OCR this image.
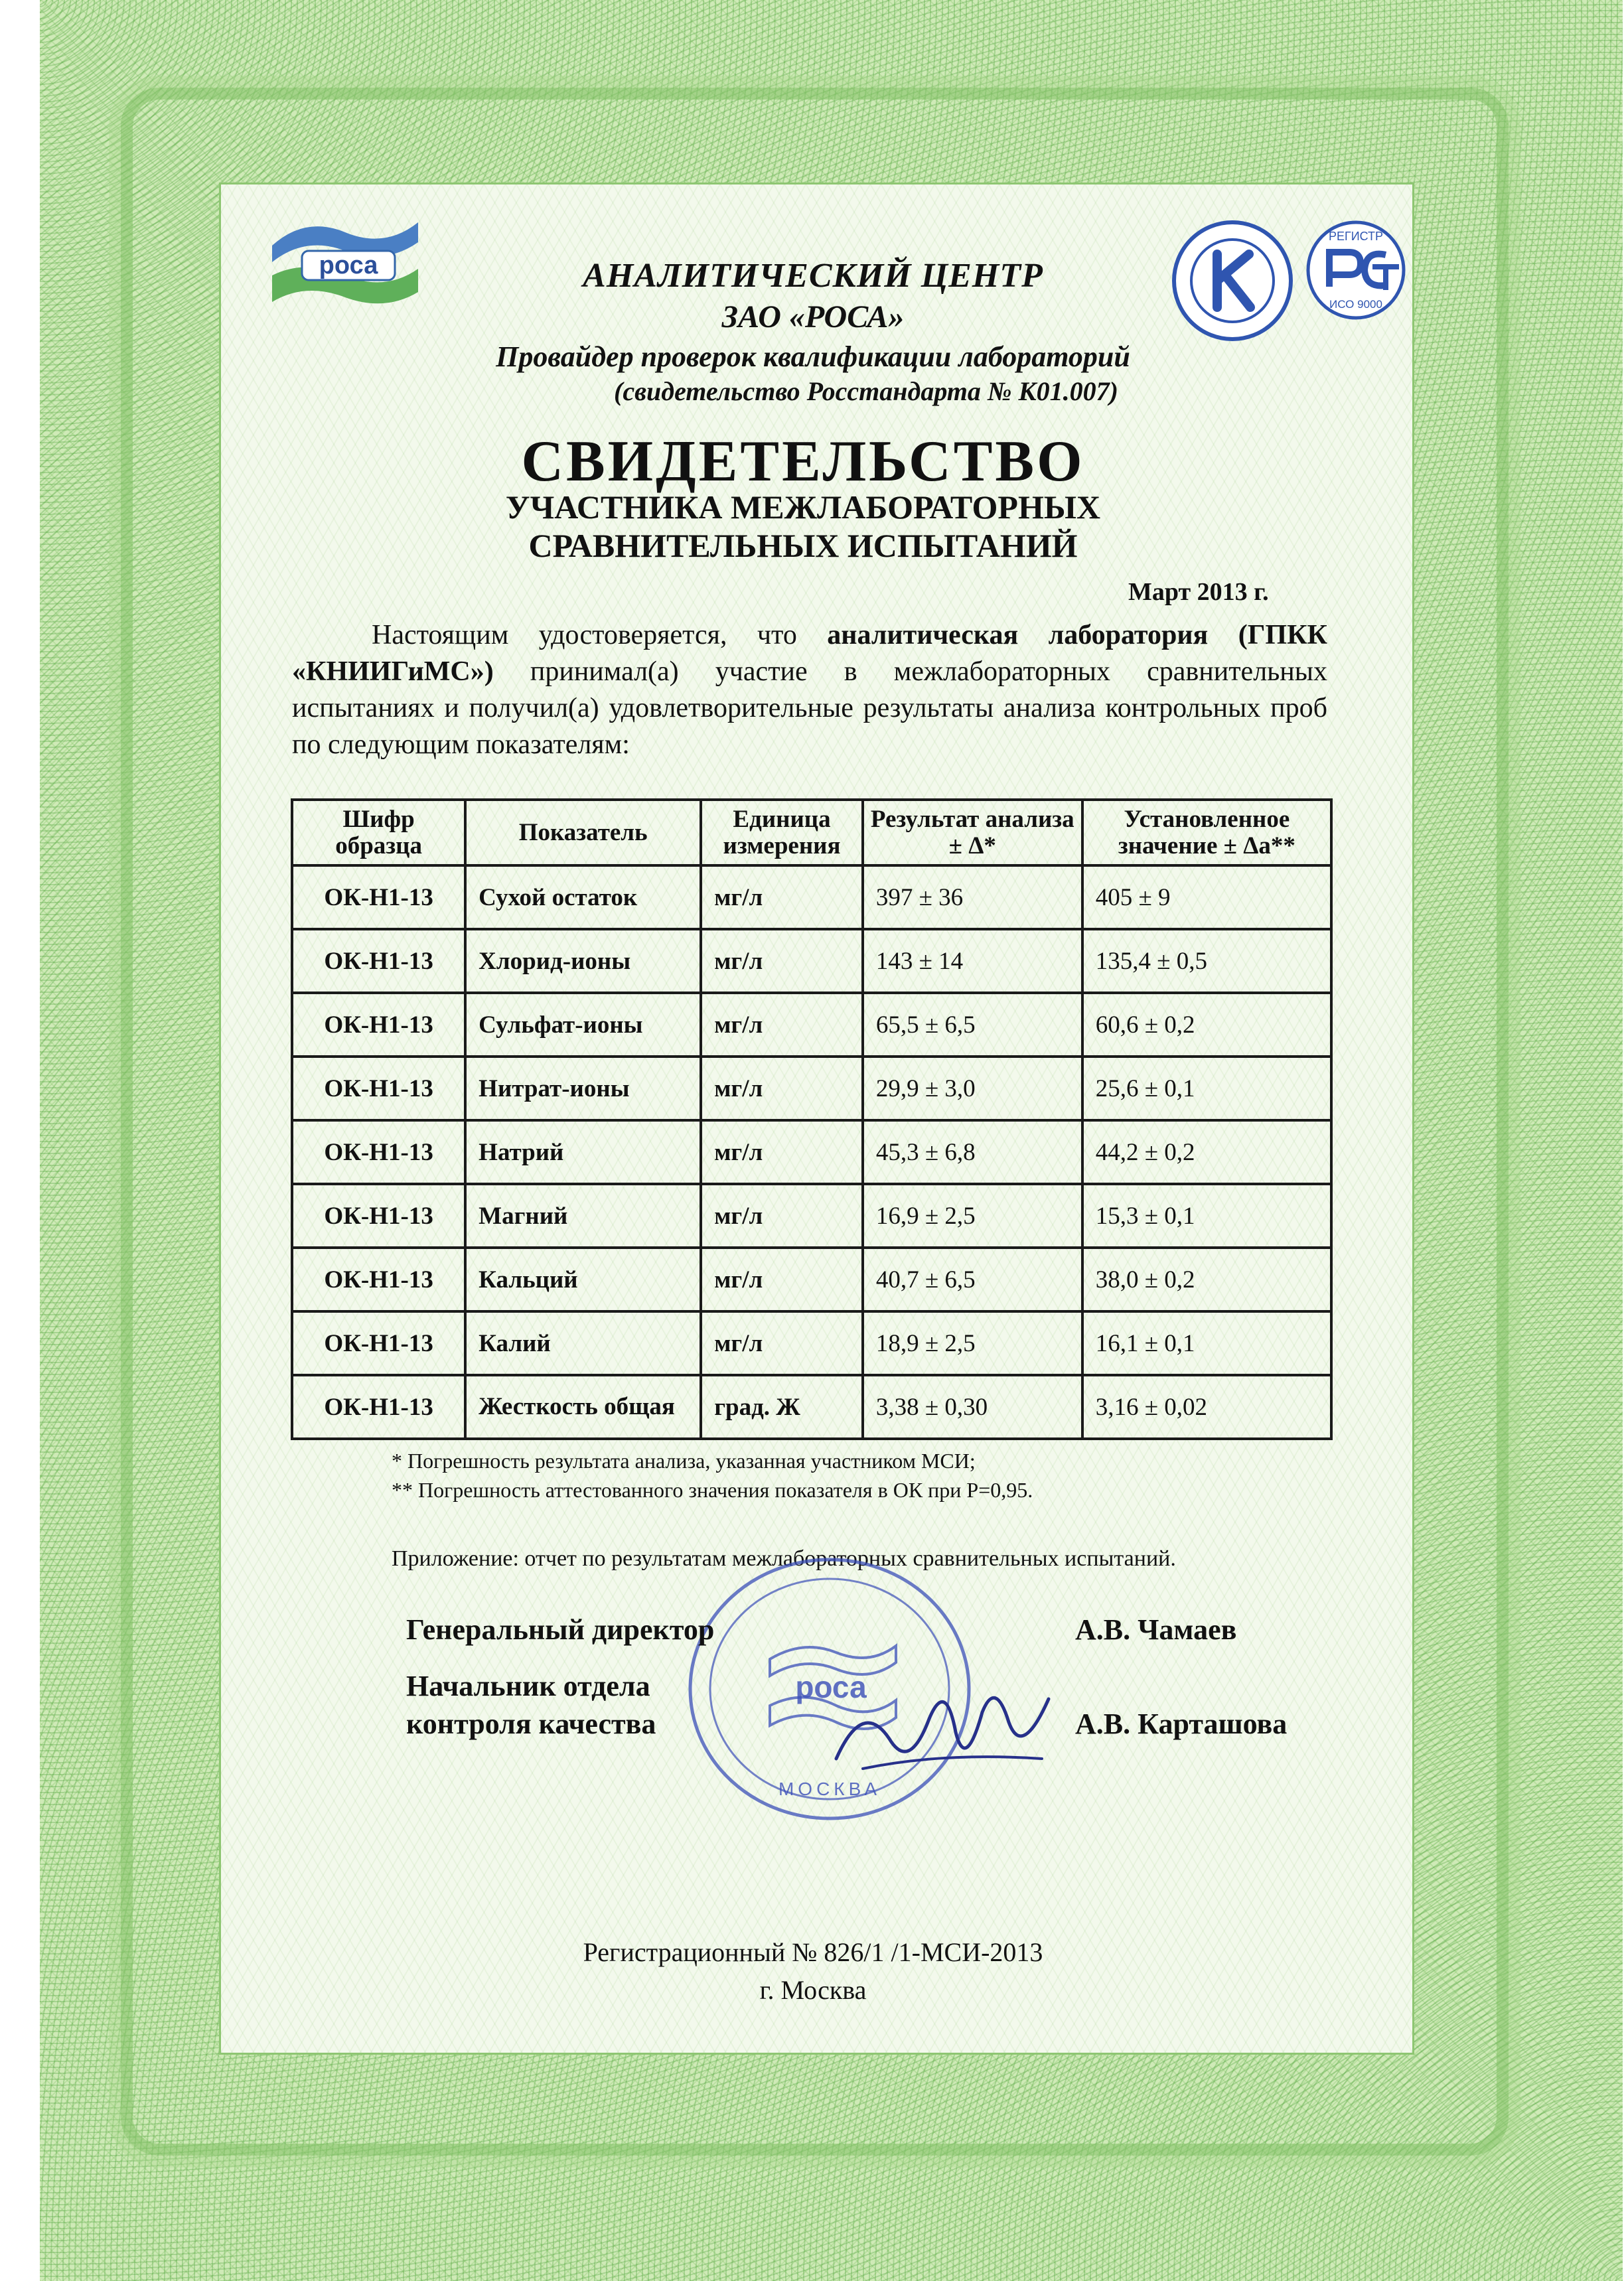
роса
РЕГИСТР
ИСО 9000
АНАЛИТИЧЕСКИЙ ЦЕНТР
ЗАО «РОСА»
Провайдер проверок квалификации лабораторий
(свидетельство Росстандарта № К01.007)
СВИДЕТЕЛЬСТВО
УЧАСТНИКА МЕЖЛАБОРАТОРНЫХ
СРАВНИТЕЛЬНЫХ ИСПЫТАНИЙ
Март 2013 г.
Настоящим удостоверяется, что аналитическая лаборатория (ГПКК «КНИИГиМС») принимал(а) участие в межлабораторных сравнительных испытаниях и получил(а) удовлетворительные результаты анализа контрольных проб по следующим показателям:
Шифр образца	Показатель	Единица измерения	Результат анализа ± Δ*	Установленное значение ± Δа**
ОК-Н1-13	Сухой остаток	мг/л	397 ± 36	405 ± 9
ОК-Н1-13	Хлорид-ионы	мг/л	143 ± 14	135,4 ± 0,5
ОК-Н1-13	Сульфат-ионы	мг/л	65,5 ± 6,5	60,6 ± 0,2
ОК-Н1-13	Нитрат-ионы	мг/л	29,9 ± 3,0	25,6 ± 0,1
ОК-Н1-13	Натрий	мг/л	45,3 ± 6,8	44,2 ± 0,2
ОК-Н1-13	Магний	мг/л	16,9 ± 2,5	15,3 ± 0,1
ОК-Н1-13	Кальций	мг/л	40,7 ± 6,5	38,0 ± 0,2
ОК-Н1-13	Калий	мг/л	18,9 ± 2,5	16,1 ± 0,1
ОК-Н1-13	Жесткость общая	град. Ж	3,38 ± 0,30	3,16 ± 0,02
* Погрешность результата анализа, указанная участником МСИ;
** Погрешность аттестованного значения показателя в ОК при Р=0,95.
Приложение: отчет по результатам межлабораторных сравнительных испытаний.
роса
МОСКВА
Генеральный директор	А.В. Чамаев
Начальник отдела
контроля качества	А.В. Карташова
Регистрационный № 826/1 /1-МСИ-2013
г. Москва
